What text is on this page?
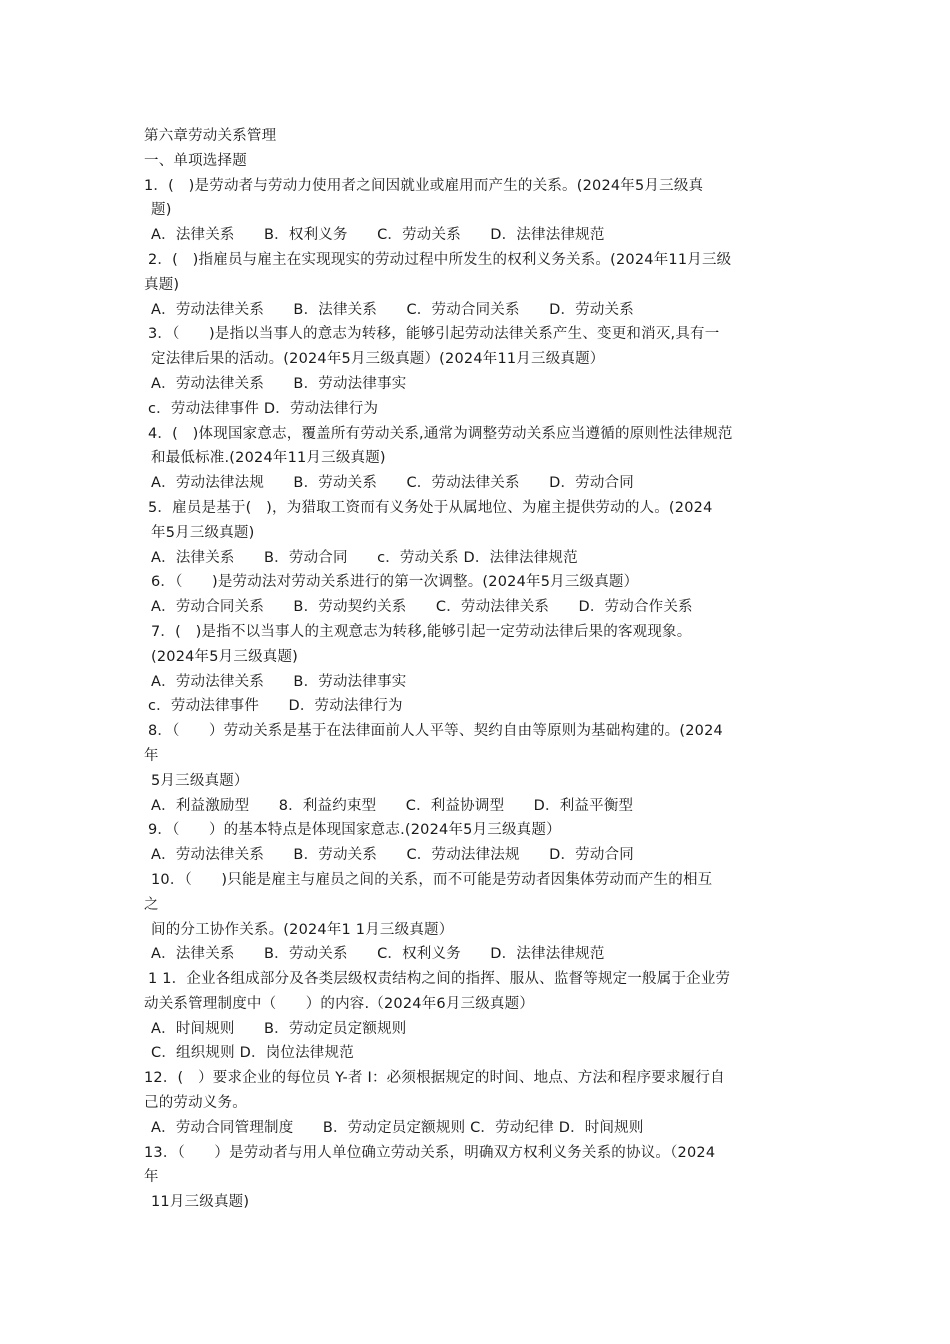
第六章劳动关系管理
一、单项选择题
1．(　)是劳动者与劳动力使用者之间因就业或雇用而产生的关系。(2024年5月三级真
题)
A．法律关系　　B．权利义务　　C．劳动关系　　D．法律法律规范
2．(　)指雇员与雇主在实现现实的劳动过程中所发生的权利义务关系。(2024年11月三级
真题)
A．劳动法律关系　　B．法律关系　　C．劳动合同关系　　D．劳动关系
3．（　　)是指以当事人的意志为转移，能够引起劳动法律关系产生、变更和消灭,具有一
定法律后果的活动。(2024年5月三级真题）(2024年11月三级真题）
A．劳动法律关系　　B．劳动法律事实
c．劳动法律事件 D．劳动法律行为
4．(　)体现国家意志，覆盖所有劳动关系,通常为调整劳动关系应当遵循的原则性法律规范
和最低标准.(2024年11月三级真题)
A．劳动法律法规　　B．劳动关系　　C．劳动法律关系　　D．劳动合同
5．雇员是基于(　)，为猎取工资而有义务处于从属地位、为雇主提供劳动的人。(2024
年5月三级真题)
A．法律关系　　B．劳动合同　　c．劳动关系 D．法律法律规范
6．（　　)是劳动法对劳动关系进行的第一次调整。(2024年5月三级真题）
A．劳动合同关系　　B．劳动契约关系　　C．劳动法律关系　　D．劳动合作关系
7．(　)是指不以当事人的主观意志为转移,能够引起一定劳动法律后果的客观现象。
(2024年5月三级真题)
A．劳动法律关系　　B．劳动法律事实
c．劳动法律事件　　D．劳动法律行为
8．（　　）劳动关系是基于在法律面前人人平等、契约自由等原则为基础构建的。(2024
年
5月三级真题）
A．利益激励型　　8．利益约束型　　C．利益协调型　　D．利益平衡型
9．（　　）的基本特点是体现国家意志.(2024年5月三级真题）
A．劳动法律关系　　B．劳动关系　　C．劳动法律法规　　D．劳动合同
10．（　　)只能是雇主与雇员之间的关系，而不可能是劳动者因集体劳动而产生的相互
之
间的分工协作关系。(2024年1 1月三级真题）
A．法律关系　　B．劳动关系　　C．权利义务　　D．法律法律规范
1 1．企业各组成部分及各类层级权责结构之间的指挥、服从、监督等规定一般属于企业劳
动关系管理制度中（　　）的内容.（2024年6月三级真题）
A．时间规则　　B．劳动定员定额规则
C．组织规则 D．岗位法律规范
12．(　）要求企业的每位员 Y-者 I：必须根据规定的时间、地点、方法和程序要求履行自
己的劳动义务。
A．劳动合同管理制度　　B．劳动定员定额规则 C．劳动纪律 D．时间规则
13．（　　）是劳动者与用人单位确立劳动关系，明确双方权利义务关系的协议。（2024
年
11月三级真题)
